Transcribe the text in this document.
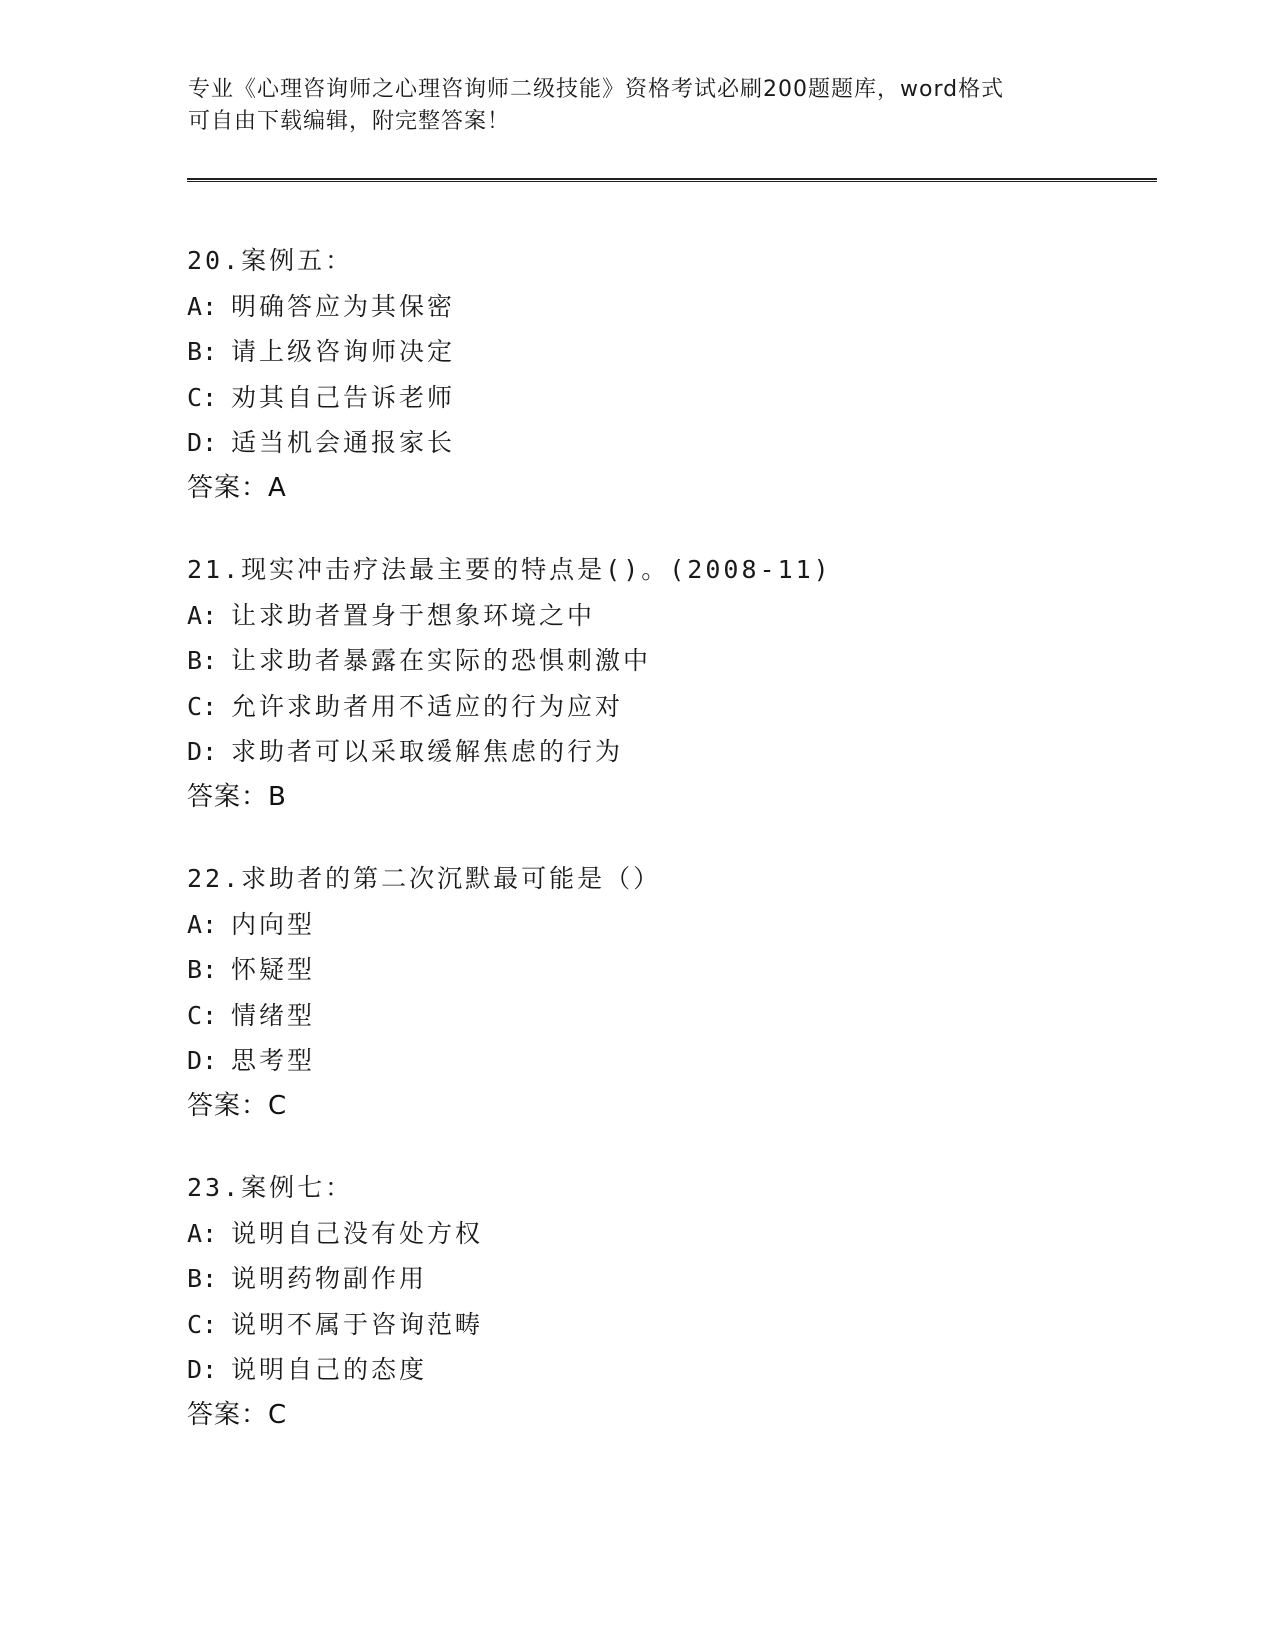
专业《心理咨询师之心理咨询师二级技能》资格考试必刷200题题库，word格式
可自由下载编辑，附完整答案！
20.案例五：
A: 明确答应为其保密
B: 请上级咨询师决定
C: 劝其自己告诉老师
D: 适当机会通报家长
答案：A
21.现实冲击疗法最主要的特点是()。(2008-11)
A: 让求助者置身于想象环境之中
B: 让求助者暴露在实际的恐惧刺激中
C: 允许求助者用不适应的行为应对
D: 求助者可以采取缓解焦虑的行为
答案：B
22.求助者的第二次沉默最可能是（）
A: 内向型
B: 怀疑型
C: 情绪型
D: 思考型
答案：C
23.案例七：
A: 说明自己没有处方权
B: 说明药物副作用
C: 说明不属于咨询范畴
D: 说明自己的态度
答案：C
